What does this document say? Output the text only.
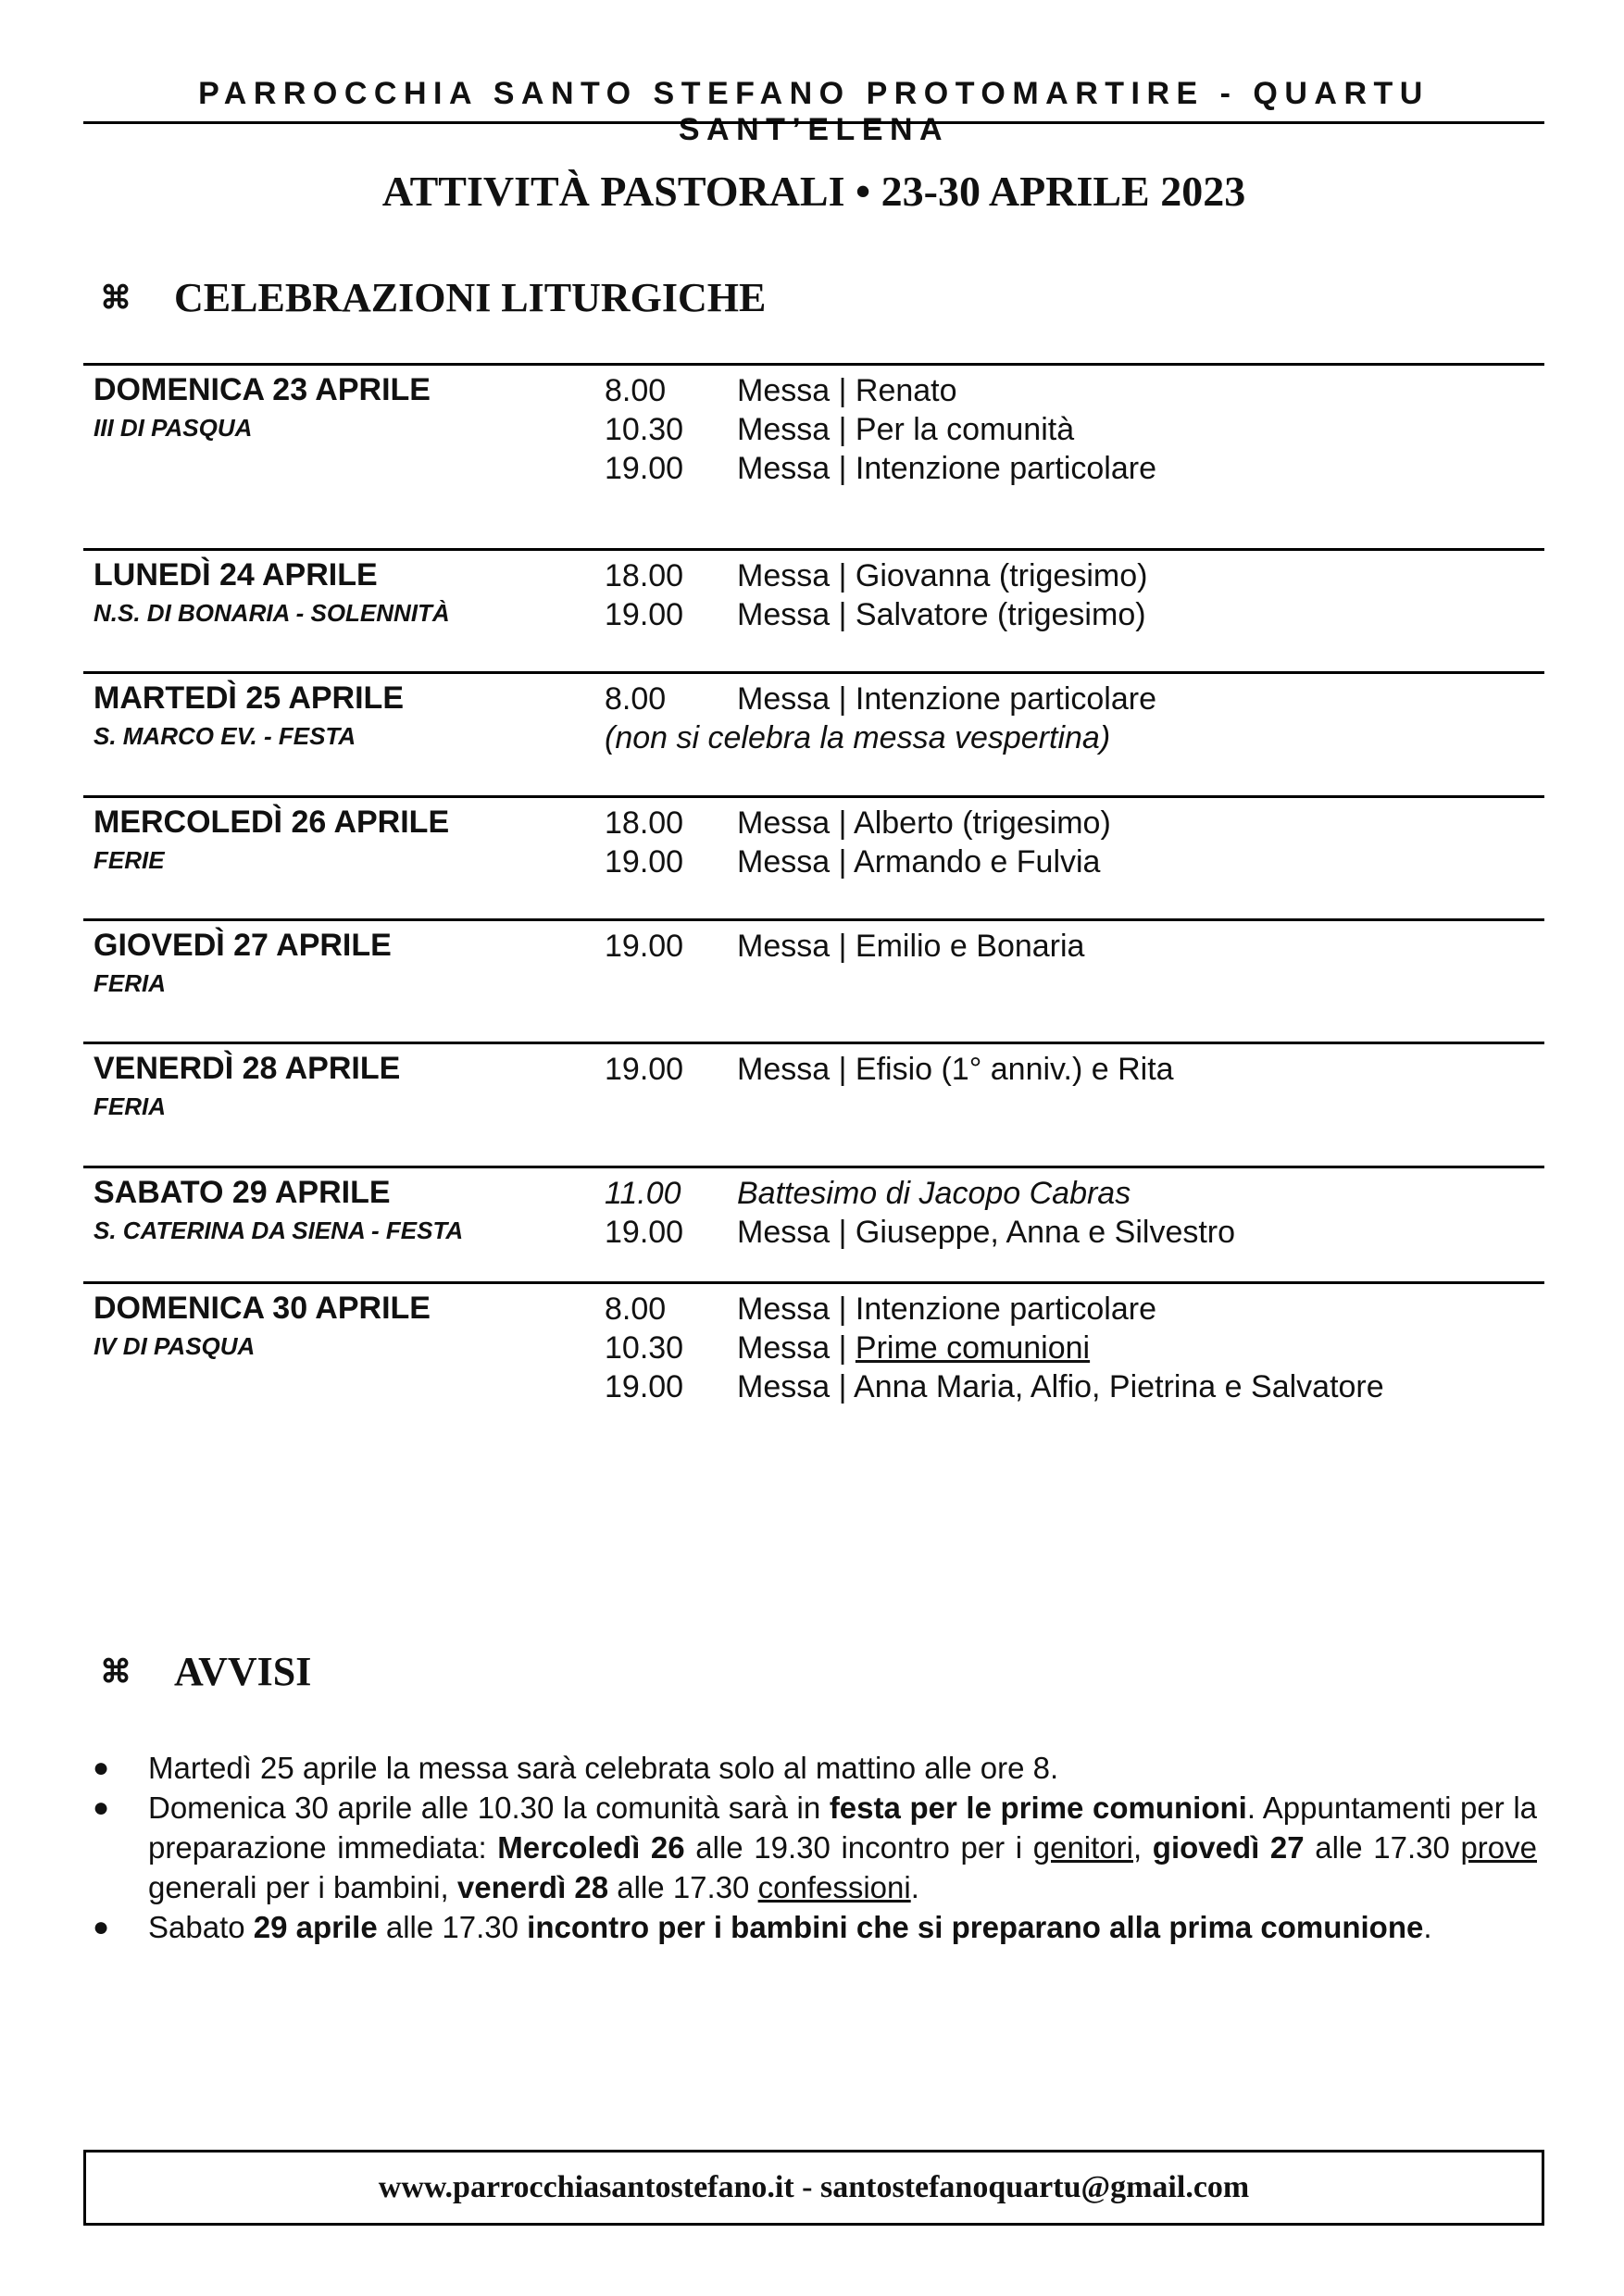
PARROCCHIA SANTO STEFANO PROTOMARTIRE - QUARTU SANT’ELENA
ATTIVITÀ PASTORALI • 23-30 APRILE 2023
⌘ CELEBRAZIONI LITURGICHE
DOMENICA 23 APRILE
III DI PASQUA
8.00 Messa | Renato
10.30 Messa | Per la comunità
19.00 Messa | Intenzione particolare
LUNEDÌ 24 APRILE
N.S. DI BONARIA - SOLENNITÀ
18.00 Messa | Giovanna (trigesimo)
19.00 Messa | Salvatore (trigesimo)
MARTEDÌ 25 APRILE
S. MARCO EV. - FESTA
8.00 Messa | Intenzione particolare
(non si celebra la messa vespertina)
MERCOLEDÌ 26 APRILE
FERIE
18.00 Messa | Alberto (trigesimo)
19.00 Messa | Armando e Fulvia
GIOVEDÌ 27 APRILE
FERIA
19.00 Messa | Emilio e Bonaria
VENERDÌ 28 APRILE
FERIA
19.00 Messa | Efisio (1° anniv.) e Rita
SABATO 29 APRILE
S. CATERINA DA SIENA - FESTA
11.00 Battesimo di Jacopo Cabras
19.00 Messa | Giuseppe, Anna e Silvestro
DOMENICA 30 APRILE
IV DI PASQUA
8.00 Messa | Intenzione particolare
10.30 Messa | Prime comunioni
19.00 Messa | Anna Maria, Alfio, Pietrina e Salvatore
⌘ AVVISI
● Martedì 25 aprile la messa sarà celebrata solo al mattino alle ore 8.
● Domenica 30 aprile alle 10.30 la comunità sarà in festa per le prime comunioni. Appuntamenti per la preparazione immediata: Mercoledì 26 alle 19.30 incontro per i genitori, giovedì 27 alle 17.30 prove generali per i bambini, venerdì 28 alle 17.30 confessioni.
● Sabato 29 aprile alle 17.30 incontro per i bambini che si preparano alla prima comunione.
www.parrocchiasantostefano.it - santostefanoquartu@gmail.com
